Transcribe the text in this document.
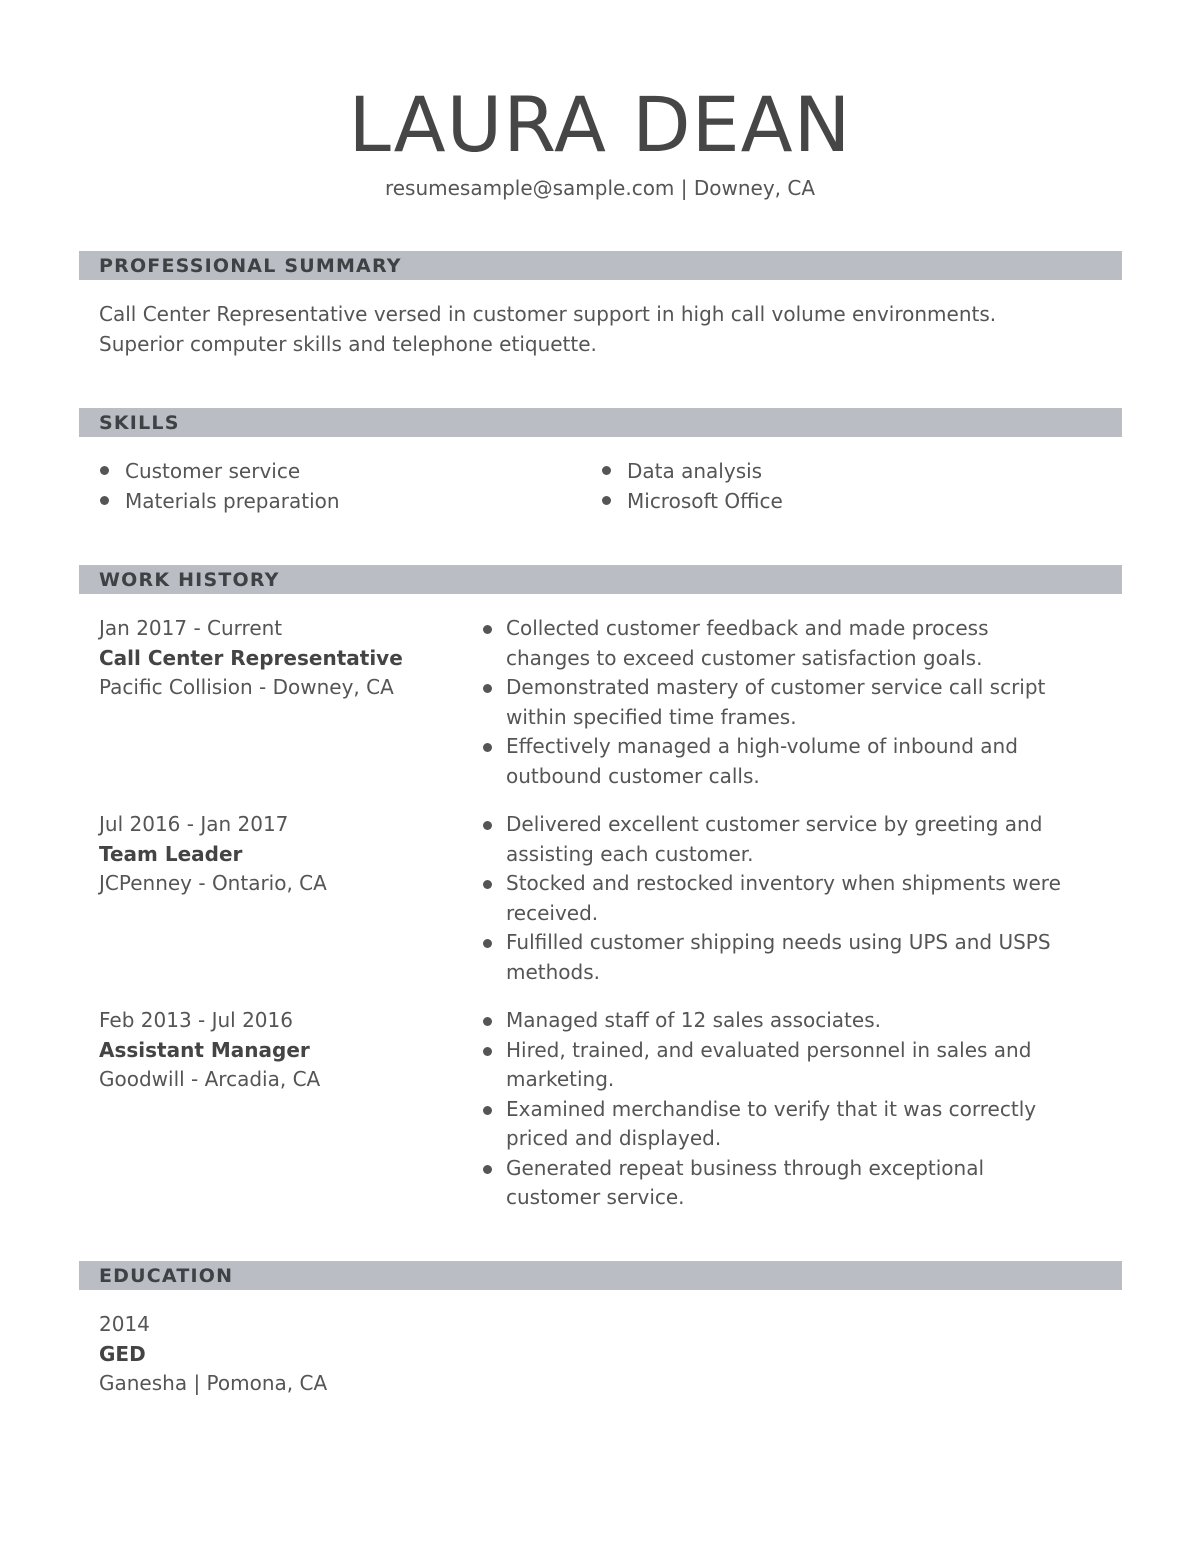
LAURA DEAN
resumesample@sample.com | Downey, CA
PROFESSIONAL SUMMARY
Call Center Representative versed in customer support in high call volume environments.
Superior computer skills and telephone etiquette.
SKILLS
Customer service
Materials preparation
Data analysis
Microsoft Office
WORK HISTORY
Jan 2017 - Current
Call Center Representative
Pacific Collision - Downey, CA
Collected customer feedback and made process changes to exceed customer satisfaction goals.
Demonstrated mastery of customer service call script within specified time frames.
Effectively managed a high-volume of inbound and outbound customer calls.
Jul 2016 - Jan 2017
Team Leader
JCPenney - Ontario, CA
Delivered excellent customer service by greeting and assisting each customer.
Stocked and restocked inventory when shipments were received.
Fulfilled customer shipping needs using UPS and USPS methods.
Feb 2013 - Jul 2016
Assistant Manager
Goodwill - Arcadia, CA
Managed staff of 12 sales associates.
Hired, trained, and evaluated personnel in sales and marketing.
Examined merchandise to verify that it was correctly priced and displayed.
Generated repeat business through exceptional customer service.
EDUCATION
2014
GED
Ganesha | Pomona, CA
